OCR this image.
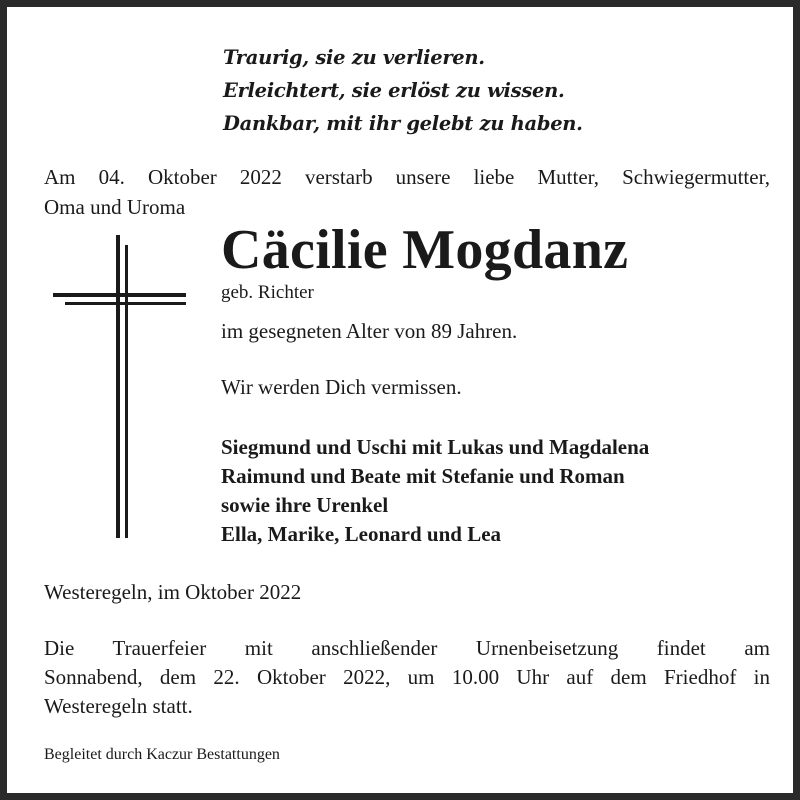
Traurig, sie zu verlieren.
Erleichtert, sie erlöst zu wissen.
Dankbar, mit ihr gelebt zu haben.
Am 04. Oktober 2022 verstarb unsere liebe Mutter, Schwiegermutter,
Oma und Uroma
Cäcilie Mogdanz
geb. Richter
im gesegneten Alter von 89 Jahren.
Wir werden Dich vermissen.
Siegmund und Uschi mit Lukas und Magdalena
Raimund und Beate mit Stefanie und Roman
sowie ihre Urenkel
Ella, Marike, Leonard und Lea
Westeregeln, im Oktober 2022
Die Trauerfeier mit anschließender Urnenbeisetzung findet am
Sonnabend, dem 22. Oktober 2022, um 10.00 Uhr auf dem Friedhof in
Westeregeln statt.
Begleitet durch Kaczur Bestattungen
